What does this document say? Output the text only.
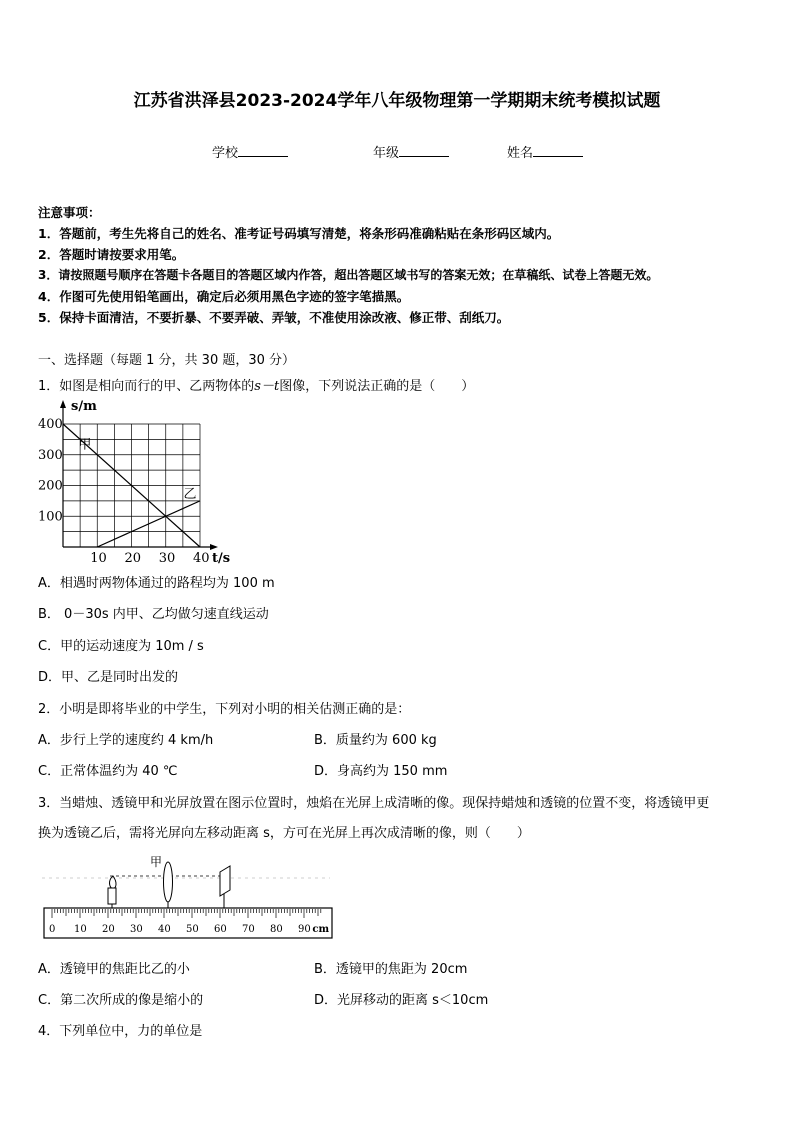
江苏省洪泽县2023-2024学年八年级物理第一学期期末统考模拟试题
学校	年级	姓名
注意事项：
1．答题前，考生先将自己的姓名、准考证号码填写清楚，将条形码准确粘贴在条形码区域内。
2．答题时请按要求用笔。
3．请按照题号顺序在答题卡各题目的答题区域内作答，超出答题区域书写的答案无效；在草稿纸、试卷上答题无效。
4．作图可先使用铅笔画出，确定后必须用黑色字迹的签字笔描黑。
5．保持卡面清洁，不要折暴、不要弄破、弄皱，不准使用涂改液、修正带、刮纸刀。
一、选择题（每题 1 分，共 30 题，30 分）
1．如图是相向而行的甲、乙两物体的s－t图像，下列说法正确的是（　　）
甲
乙
100
200
300
400
10 20 30 40
s/m
t/s
A．相遇时两物体通过的路程均为 100 m
B． 0－30s 内甲、乙均做匀速直线运动
C．甲的运动速度为 10m / s
D．甲、乙是同时出发的
2．小明是即将毕业的中学生，下列对小明的相关估测正确的是：
A．步行上学的速度约 4 km/h	B．质量约为 600 kg
C．正常体温约为 40 ℃	D．身高约为 150 mm
3．当蜡烛、透镜甲和光屏放置在图示位置时，烛焰在光屏上成清晰的像。现保持蜡烛和透镜的位置不变，将透镜甲更
换为透镜乙后，需将光屏向左移动距离 s，方可在光屏上再次成清晰的像，则（　　）
甲
0 10 20 30 40 50 60 70 80 90 cm
A．透镜甲的焦距比乙的小	B．透镜甲的焦距为 20cm
C．第二次所成的像是缩小的	D．光屏移动的距离 s＜10cm
4．下列单位中，力的单位是
